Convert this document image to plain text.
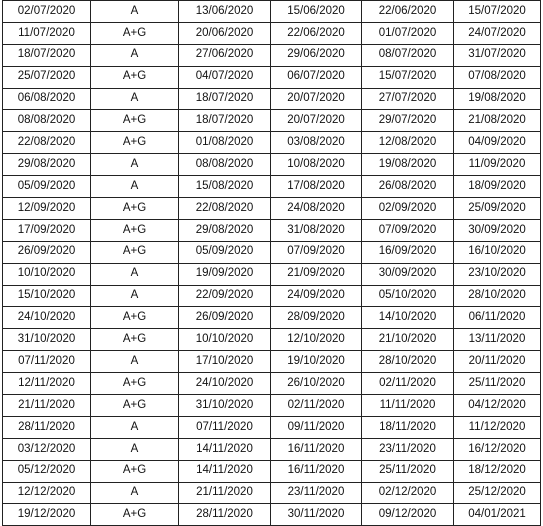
02/07/2020	A	13/06/2020	15/06/2020	22/06/2020	15/07/2020
11/07/2020	A+G	20/06/2020	22/06/2020	01/07/2020	24/07/2020
18/07/2020	A	27/06/2020	29/06/2020	08/07/2020	31/07/2020
25/07/2020	A+G	04/07/2020	06/07/2020	15/07/2020	07/08/2020
06/08/2020	A	18/07/2020	20/07/2020	27/07/2020	19/08/2020
08/08/2020	A+G	18/07/2020	20/07/2020	29/07/2020	21/08/2020
22/08/2020	A+G	01/08/2020	03/08/2020	12/08/2020	04/09/2020
29/08/2020	A	08/08/2020	10/08/2020	19/08/2020	11/09/2020
05/09/2020	A	15/08/2020	17/08/2020	26/08/2020	18/09/2020
12/09/2020	A+G	22/08/2020	24/08/2020	02/09/2020	25/09/2020
17/09/2020	A+G	29/08/2020	31/08/2020	07/09/2020	30/09/2020
26/09/2020	A+G	05/09/2020	07/09/2020	16/09/2020	16/10/2020
10/10/2020	A	19/09/2020	21/09/2020	30/09/2020	23/10/2020
15/10/2020	A	22/09/2020	24/09/2020	05/10/2020	28/10/2020
24/10/2020	A+G	26/09/2020	28/09/2020	14/10/2020	06/11/2020
31/10/2020	A+G	10/10/2020	12/10/2020	21/10/2020	13/11/2020
07/11/2020	A	17/10/2020	19/10/2020	28/10/2020	20/11/2020
12/11/2020	A+G	24/10/2020	26/10/2020	02/11/2020	25/11/2020
21/11/2020	A+G	31/10/2020	02/11/2020	11/11/2020	04/12/2020
28/11/2020	A	07/11/2020	09/11/2020	18/11/2020	11/12/2020
03/12/2020	A	14/11/2020	16/11/2020	23/11/2020	16/12/2020
05/12/2020	A+G	14/11/2020	16/11/2020	25/11/2020	18/12/2020
12/12/2020	A	21/11/2020	23/11/2020	02/12/2020	25/12/2020
19/12/2020	A+G	28/11/2020	30/11/2020	09/12/2020	04/01/2021
